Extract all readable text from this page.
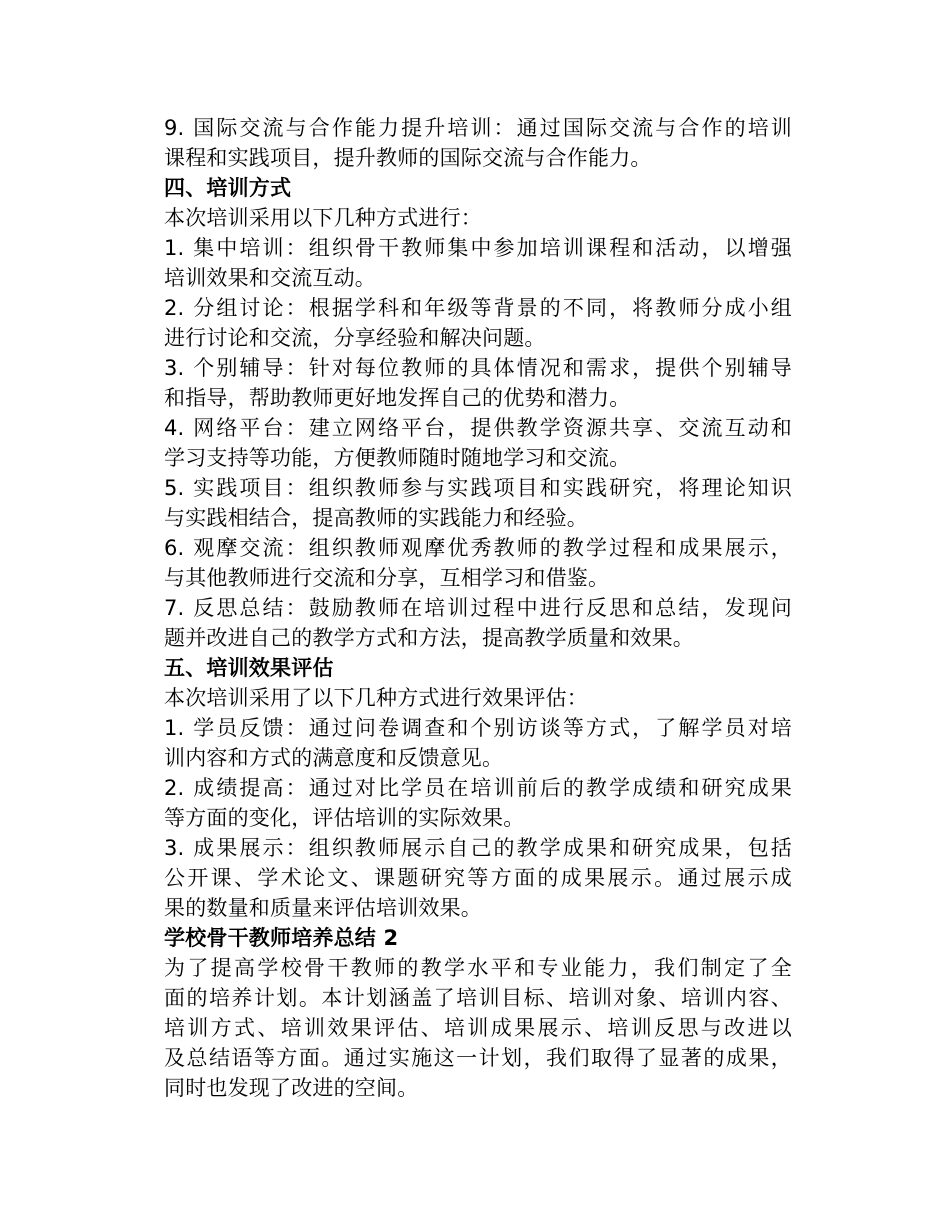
9. 国际交流与合作能力提升培训：通过国际交流与合作的培训
课程和实践项目，提升教师的国际交流与合作能力。
四、培训方式
本次培训采用以下几种方式进行：
1. 集中培训：组织骨干教师集中参加培训课程和活动，以增强
培训效果和交流互动。
2. 分组讨论：根据学科和年级等背景的不同，将教师分成小组
进行讨论和交流，分享经验和解决问题。
3. 个别辅导：针对每位教师的具体情况和需求，提供个别辅导
和指导，帮助教师更好地发挥自己的优势和潜力。
4. 网络平台：建立网络平台，提供教学资源共享、交流互动和
学习支持等功能，方便教师随时随地学习和交流。
5. 实践项目：组织教师参与实践项目和实践研究，将理论知识
与实践相结合，提高教师的实践能力和经验。
6. 观摩交流：组织教师观摩优秀教师的教学过程和成果展示，
与其他教师进行交流和分享，互相学习和借鉴。
7. 反思总结：鼓励教师在培训过程中进行反思和总结，发现问
题并改进自己的教学方式和方法，提高教学质量和效果。
五、培训效果评估
本次培训采用了以下几种方式进行效果评估：
1. 学员反馈：通过问卷调查和个别访谈等方式，了解学员对培
训内容和方式的满意度和反馈意见。
2. 成绩提高：通过对比学员在培训前后的教学成绩和研究成果
等方面的变化，评估培训的实际效果。
3. 成果展示：组织教师展示自己的教学成果和研究成果，包括
公开课、学术论文、课题研究等方面的成果展示。通过展示成
果的数量和质量来评估培训效果。
学校骨干教师培养总结 2
为了提高学校骨干教师的教学水平和专业能力，我们制定了全
面的培养计划。本计划涵盖了培训目标、培训对象、培训内容、
培训方式、培训效果评估、培训成果展示、培训反思与改进以
及总结语等方面。通过实施这一计划，我们取得了显著的成果，
同时也发现了改进的空间。
